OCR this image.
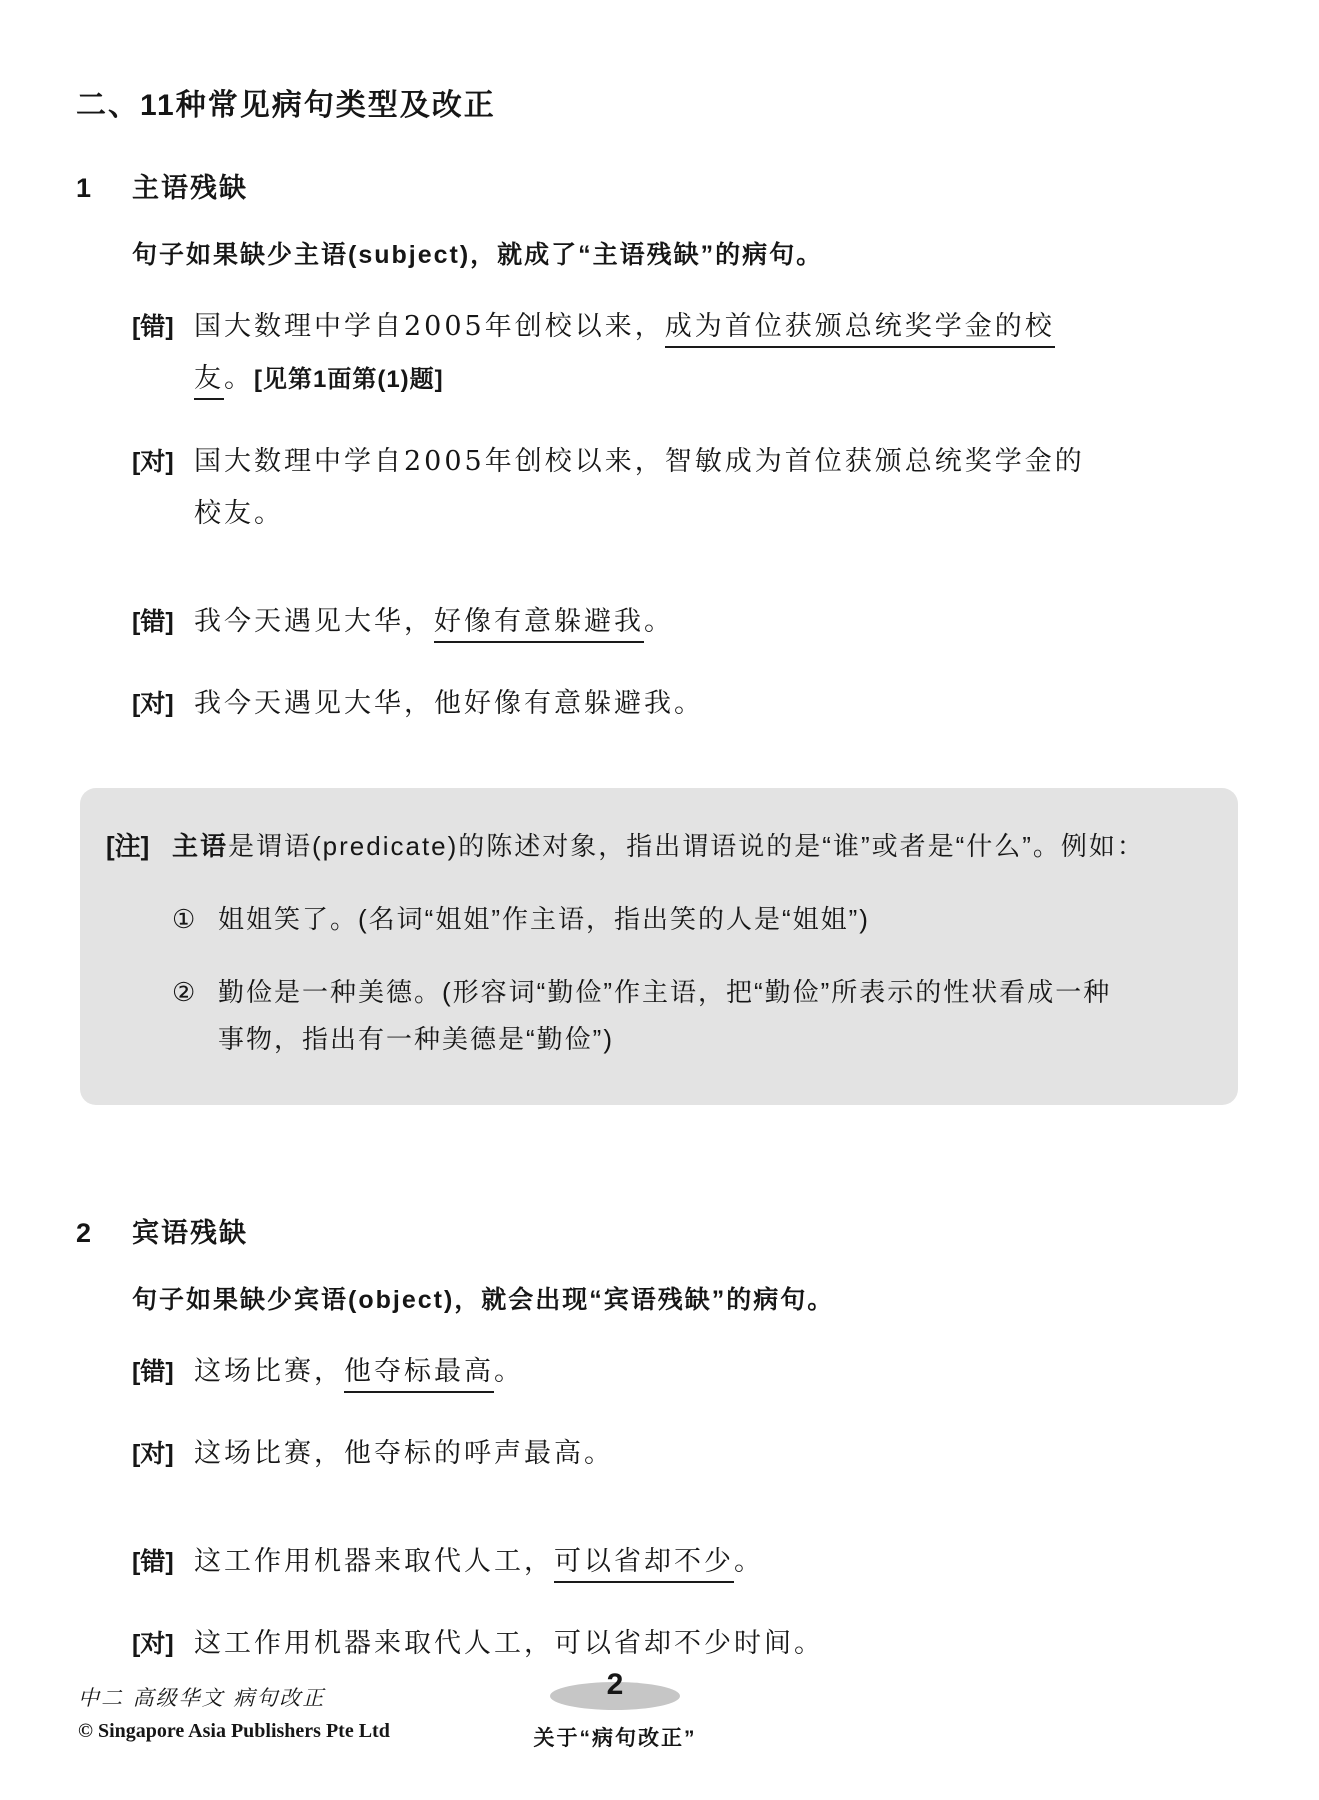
二、11种常见病句类型及改正
1	主语残缺

句子如果缺少主语(subject)，就成了“主语残缺”的病句。

[错] 国大数理中学自2005年创校以来，成为首位获颁总统奖学金的校友。[见第1面第(1)题]
[对] 国大数理中学自2005年创校以来，智敏成为首位获颁总统奖学金的校友。
[错] 我今天遇见大华，好像有意躲避我。
[对] 我今天遇见大华，他好像有意躲避我。
[注] 主语是谓语(predicate)的陈述对象，指出谓语说的是“谁”或者是“什么”。例如：
① 姐姐笑了。(名词“姐姐”作主语，指出笑的人是“姐姐”)
② 勤俭是一种美德。(形容词“勤俭”作主语，把“勤俭”所表示的性状看成一种事物，指出有一种美德是“勤俭”)
2	宾语残缺

句子如果缺少宾语(object)，就会出现“宾语残缺”的病句。

[错] 这场比赛，他夺标最高。
[对] 这场比赛，他夺标的呼声最高。
[错] 这工作用机器来取代人工，可以省却不少。
[对] 这工作用机器来取代人工，可以省却不少时间。
中二 高级华文 病句改正
© Singapore Asia Publishers Pte Ltd
2
关于“病句改正”
